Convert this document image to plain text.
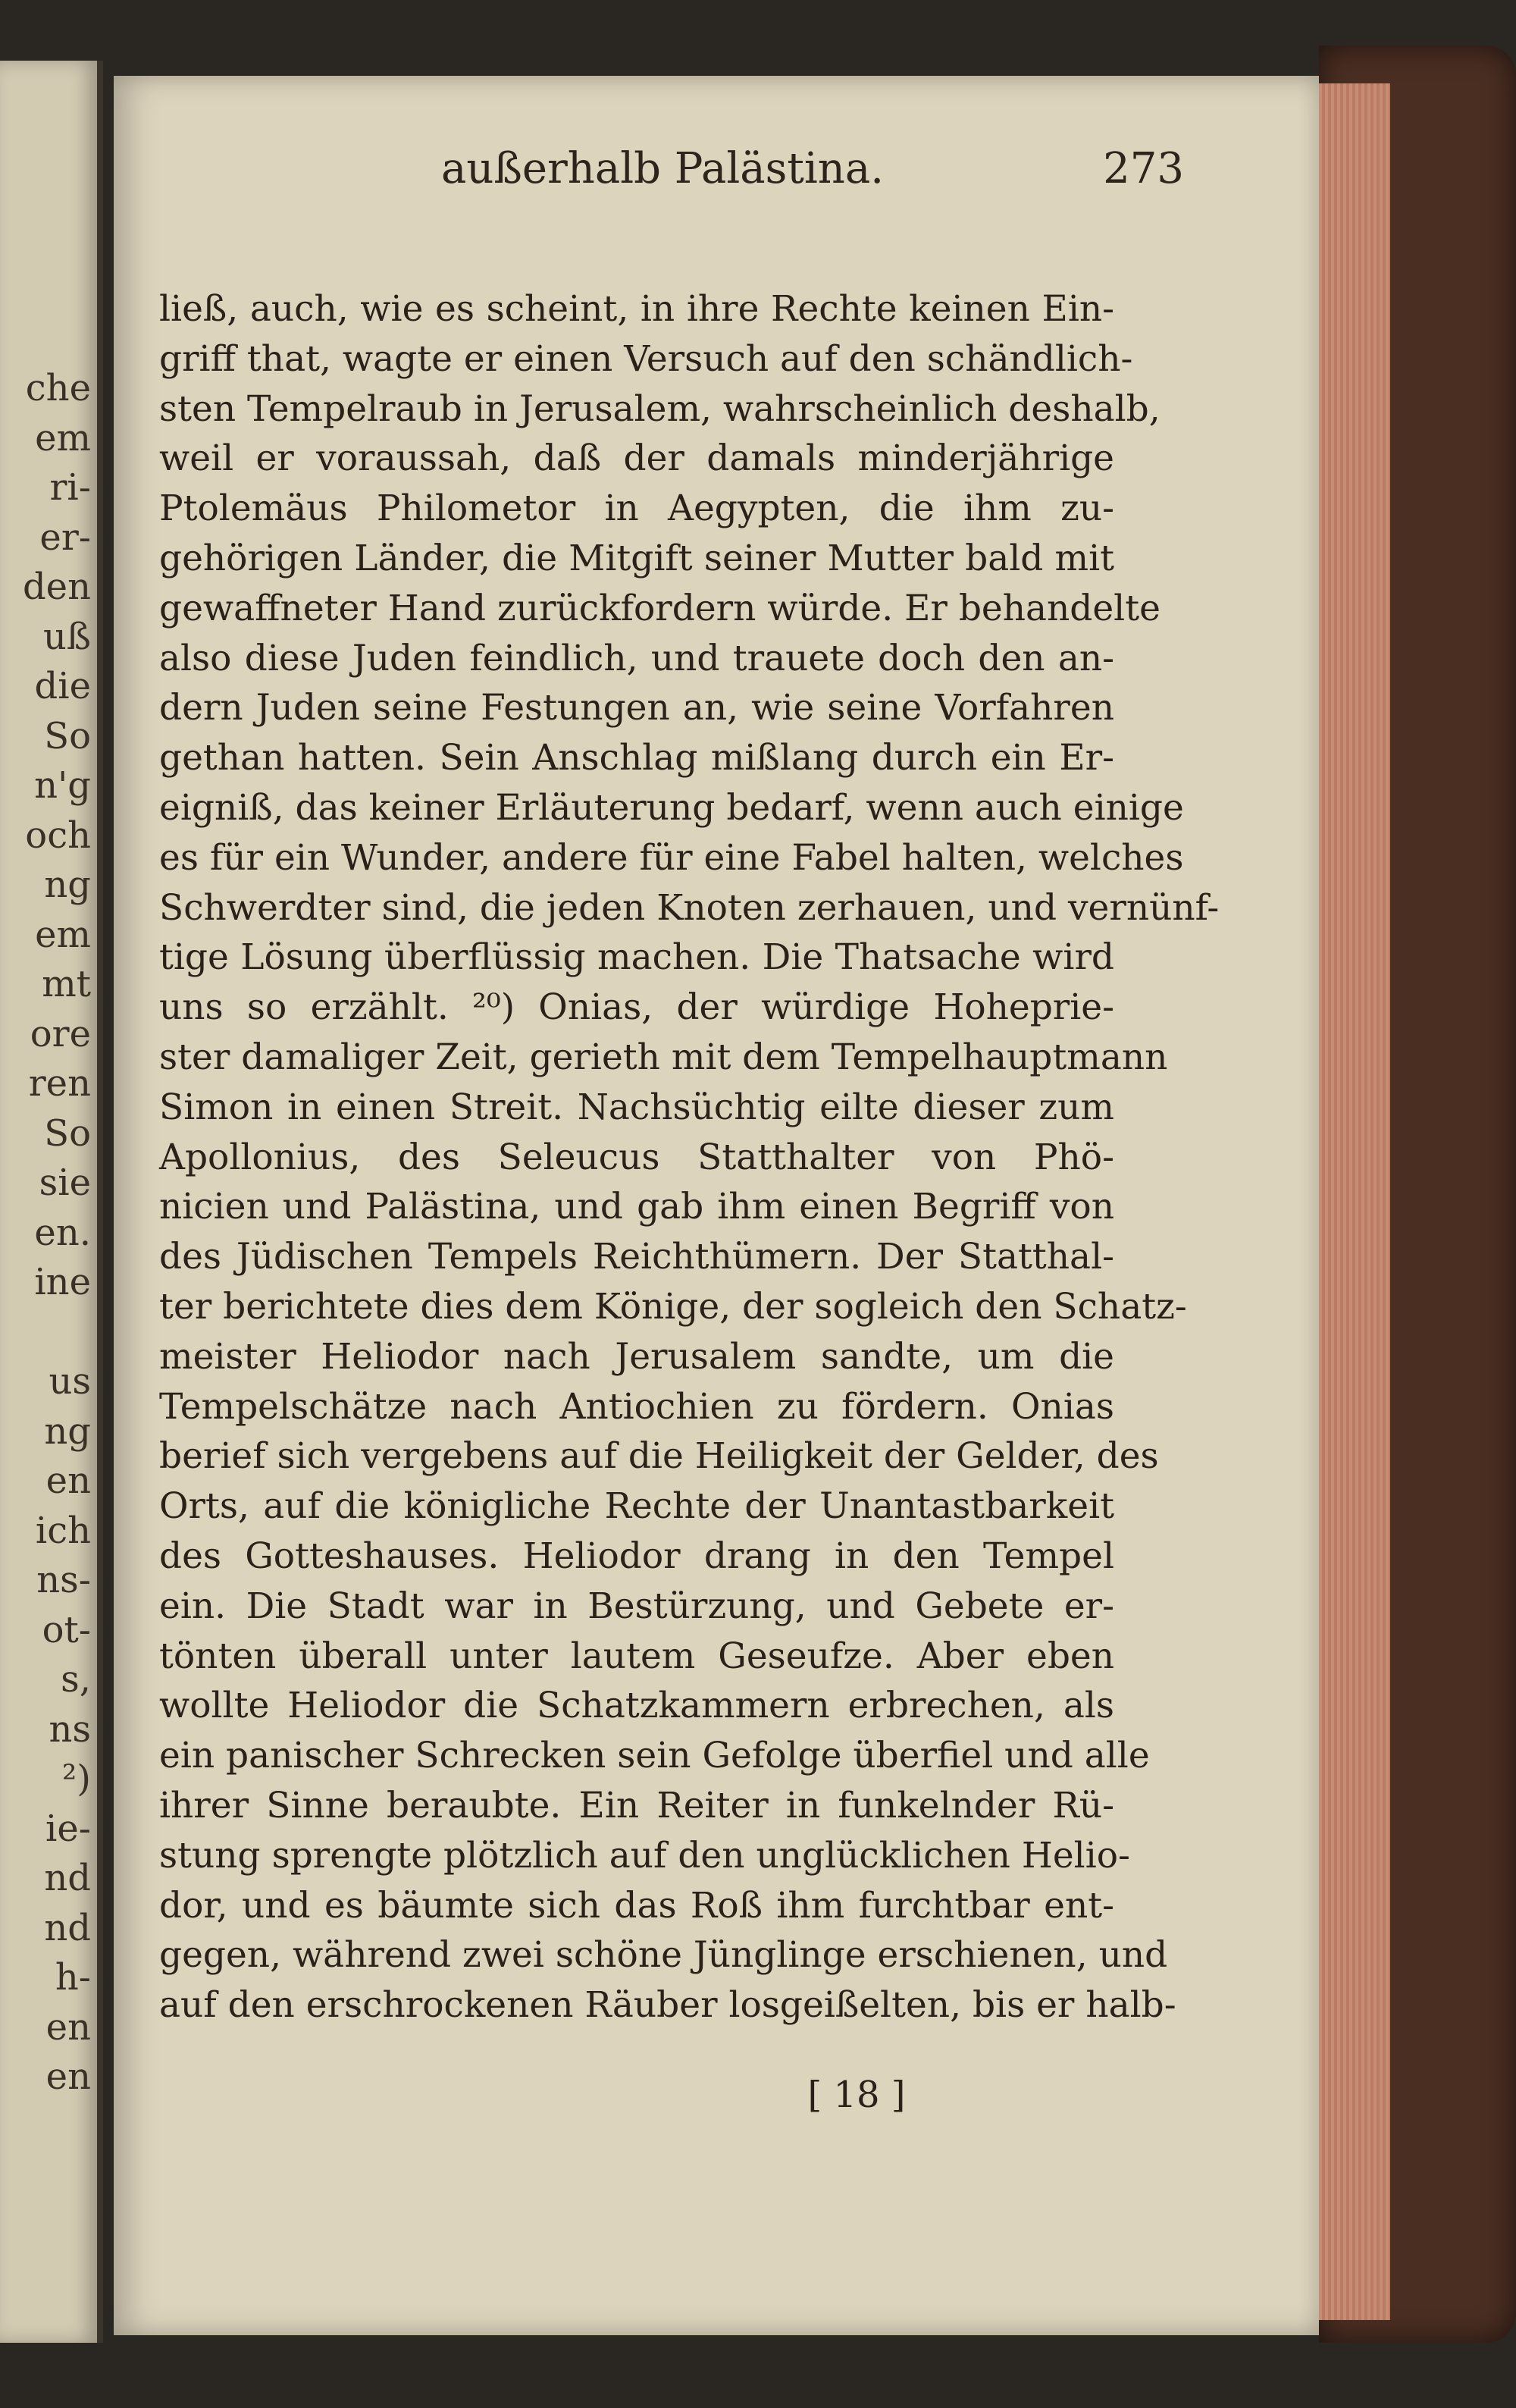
che
em
ri-
er-
den
uß
die
So
n'g
och
ng
em
mt
ore
ren
So
sie
en.
ine
us
ng
en
ich
ns-
ot-
s,
ns
²)
ie-
nd
nd
h-
en
en
außerhalb Palästina.	273
ließ, auch, wie es scheint, in ihre Rechte keinen Ein-
griff that, wagte er einen Versuch auf den schändlich-
sten Tempelraub in Jerusalem, wahrscheinlich deshalb,
weil er voraussah, daß der damals minderjährige
Ptolemäus Philometor in Aegypten, die ihm zu-
gehörigen Länder, die Mitgift seiner Mutter bald mit
gewaffneter Hand zurückfordern würde. Er behandelte
also diese Juden feindlich, und trauete doch den an-
dern Juden seine Festungen an, wie seine Vorfahren
gethan hatten. Sein Anschlag mißlang durch ein Er-
eigniß, das keiner Erläuterung bedarf, wenn auch einige
es für ein Wunder, andere für eine Fabel halten, welches
Schwerdter sind, die jeden Knoten zerhauen, und vernünf-
tige Lösung überflüssig machen. Die Thatsache wird
uns so erzählt. ²⁰) Onias, der würdige Hoheprie-
ster damaliger Zeit, gerieth mit dem Tempelhauptmann
Simon in einen Streit. Nachsüchtig eilte dieser zum
Apollonius, des Seleucus Statthalter von Phö-
nicien und Palästina, und gab ihm einen Begriff von
des Jüdischen Tempels Reichthümern. Der Statthal-
ter berichtete dies dem Könige, der sogleich den Schatz-
meister Heliodor nach Jerusalem sandte, um die
Tempelschätze nach Antiochien zu fördern. Onias
berief sich vergebens auf die Heiligkeit der Gelder, des
Orts, auf die königliche Rechte der Unantastbarkeit
des Gotteshauses. Heliodor drang in den Tempel
ein. Die Stadt war in Bestürzung, und Gebete er-
tönten überall unter lautem Geseufze. Aber eben
wollte Heliodor die Schatzkammern erbrechen, als
ein panischer Schrecken sein Gefolge überfiel und alle
ihrer Sinne beraubte. Ein Reiter in funkelnder Rü-
stung sprengte plötzlich auf den unglücklichen Helio-
dor, und es bäumte sich das Roß ihm furchtbar ent-
gegen, während zwei schöne Jünglinge erschienen, und
auf den erschrockenen Räuber losgeißelten, bis er halb-
[ 18 ]
